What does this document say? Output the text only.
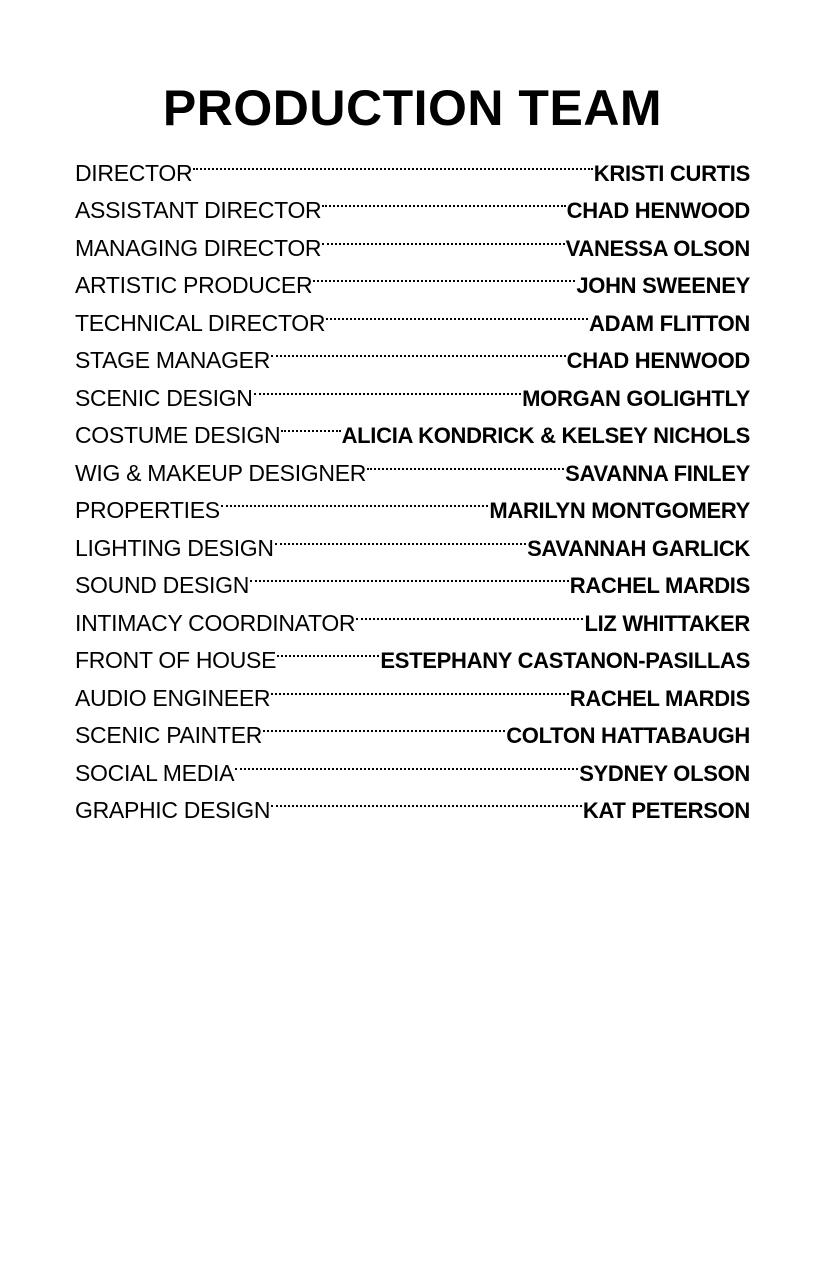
PRODUCTION TEAM
DIRECTOR	KRISTI CURTIS
ASSISTANT DIRECTOR	CHAD HENWOOD
MANAGING DIRECTOR	VANESSA OLSON
ARTISTIC PRODUCER	JOHN SWEENEY
TECHNICAL DIRECTOR	ADAM FLITTON
STAGE MANAGER	CHAD HENWOOD
SCENIC DESIGN	MORGAN GOLIGHTLY
COSTUME DESIGN	ALICIA KONDRICK & KELSEY NICHOLS
WIG & MAKEUP DESIGNER	SAVANNA FINLEY
PROPERTIES	MARILYN MONTGOMERY
LIGHTING DESIGN	SAVANNAH GARLICK
SOUND DESIGN	RACHEL MARDIS
INTIMACY COORDINATOR	LIZ WHITTAKER
FRONT OF HOUSE	ESTEPHANY CASTANON-PASILLAS
AUDIO ENGINEER	RACHEL MARDIS
SCENIC PAINTER	COLTON HATTABAUGH
SOCIAL MEDIA	SYDNEY OLSON
GRAPHIC DESIGN	KAT PETERSON
